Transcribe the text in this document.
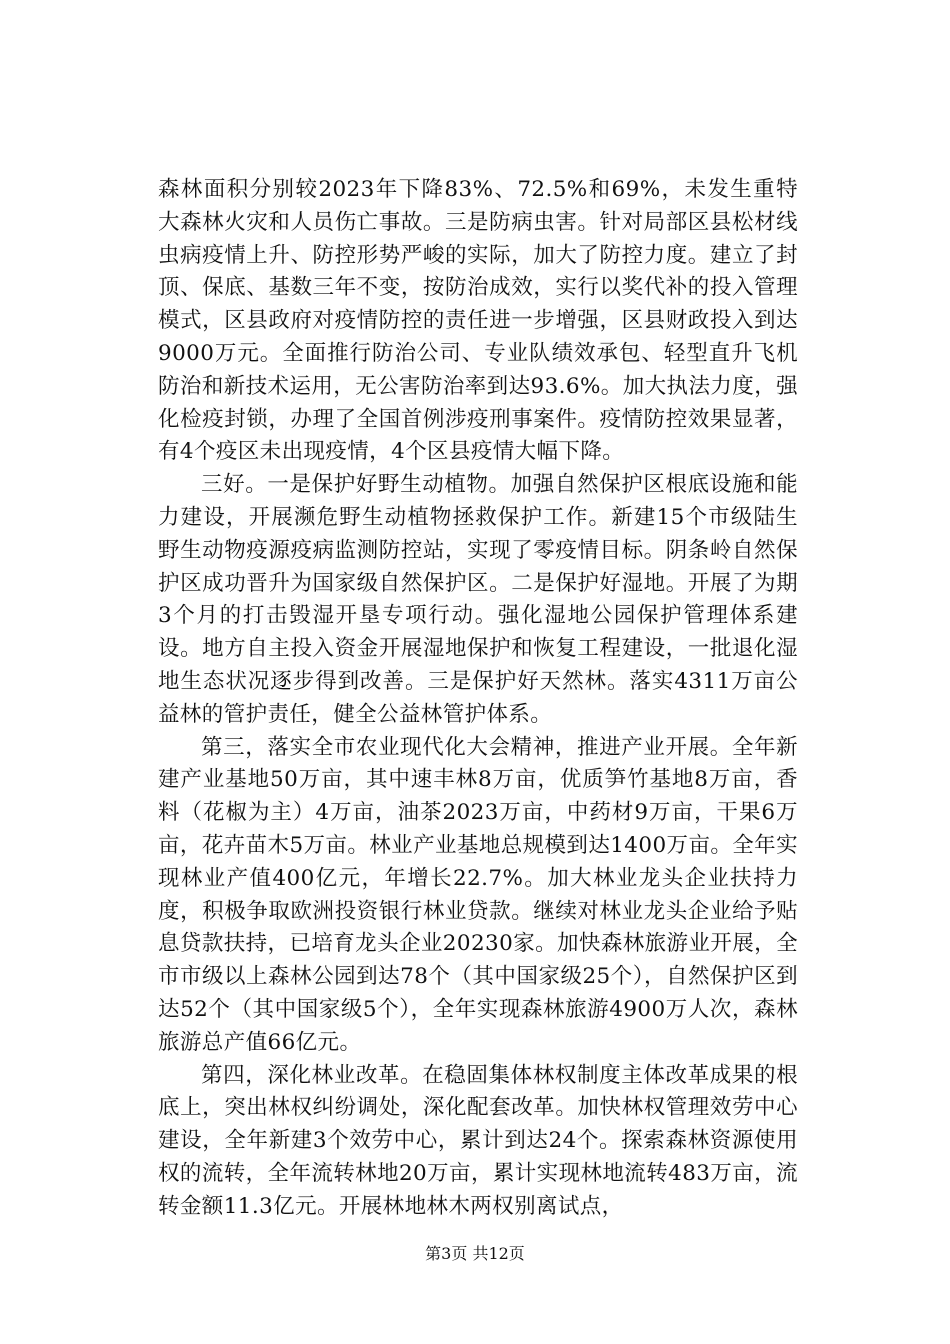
森林面积分别较2023年下降83%、72.5%和69%，未发生重特大森林火灾和人员伤亡事故。三是防病虫害。针对局部区县松材线虫病疫情上升、防控形势严峻的实际，加大了防控力度。建立了封顶、保底、基数三年不变，按防治成效，实行以奖代补的投入管理模式，区县政府对疫情防控的责任进一步增强，区县财政投入到达9000万元。全面推行防治公司、专业队绩效承包、轻型直升飞机防治和新技术运用，无公害防治率到达93.6%。加大执法力度，强化检疫封锁，办理了全国首例涉疫刑事案件。疫情防控效果显著，有4个疫区未出现疫情，4个区县疫情大幅下降。

三好。一是保护好野生动植物。加强自然保护区根底设施和能力建设，开展濒危野生动植物拯救保护工作。新建15个市级陆生野生动物疫源疫病监测防控站，实现了零疫情目标。阴条岭自然保护区成功晋升为国家级自然保护区。二是保护好湿地。开展了为期3个月的打击毁湿开垦专项行动。强化湿地公园保护管理体系建设。地方自主投入资金开展湿地保护和恢复工程建设，一批退化湿地生态状况逐步得到改善。三是保护好天然林。落实4311万亩公益林的管护责任，健全公益林管护体系。

第三，落实全市农业现代化大会精神，推进产业开展。全年新建产业基地50万亩，其中速丰林8万亩，优质笋竹基地8万亩，香料（花椒为主）4万亩，油茶2023万亩，中药材9万亩，干果6万亩，花卉苗木5万亩。林业产业基地总规模到达1400万亩。全年实现林业产值400亿元，年增长22.7%。加大林业龙头企业扶持力度，积极争取欧洲投资银行林业贷款。继续对林业龙头企业给予贴息贷款扶持，已培育龙头企业20230家。加快森林旅游业开展，全市市级以上森林公园到达78个（其中国家级25个），自然保护区到达52个（其中国家级5个），全年实现森林旅游4900万人次，森林旅游总产值66亿元。

第四，深化林业改革。在稳固集体林权制度主体改革成果的根底上，突出林权纠纷调处，深化配套改革。加快林权管理效劳中心建设，全年新建3个效劳中心，累计到达24个。探索森林资源使用权的流转，全年流转林地20万亩，累计实现林地流转483万亩，流转金额11.3亿元。开展林地林木两权别离试点，

第3页 共12页
